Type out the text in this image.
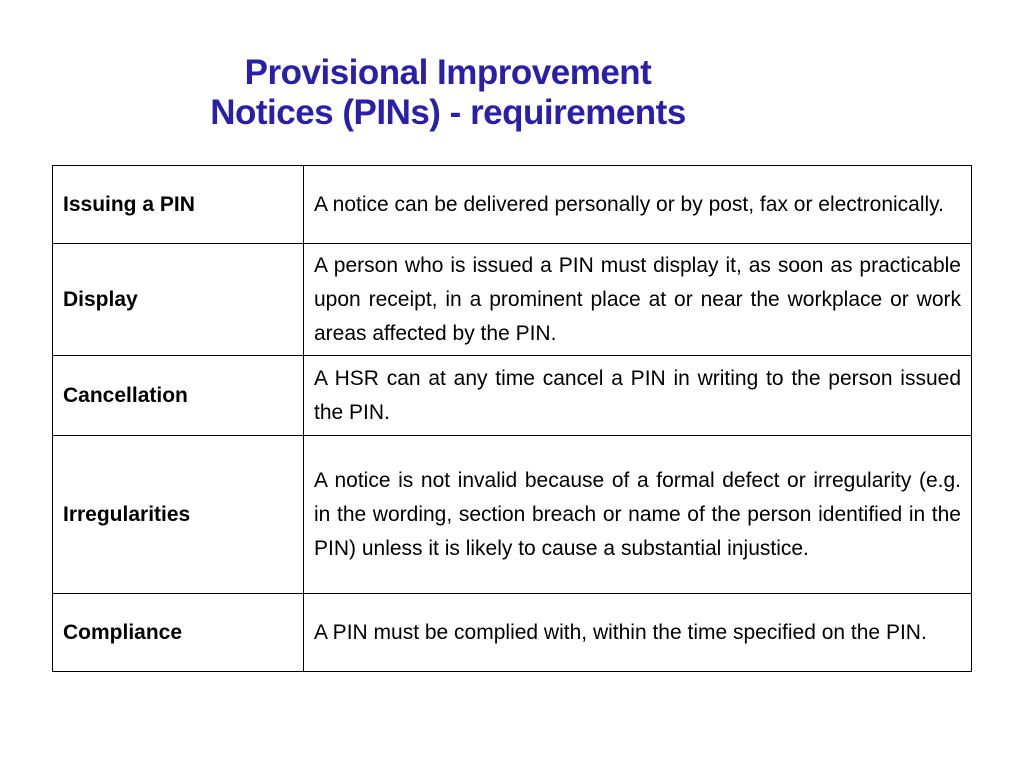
Provisional Improvement
Notices (PINs) - requirements
Issuing a PIN	A notice can be delivered personally or by post, fax or electronically.
Display	A person who is issued a PIN must display it, as soon as practicable upon receipt, in a prominent place at or near the workplace or work areas affected by the PIN.
Cancellation	A HSR can at any time cancel a PIN in writing to the person issued the PIN.
Irregularities	A notice is not invalid because of a formal defect or irregularity (e.g. in the wording, section breach or name of the person identified in the PIN) unless it is likely to cause a substantial injustice.
Compliance	A PIN must be complied with, within the time specified on the PIN.
